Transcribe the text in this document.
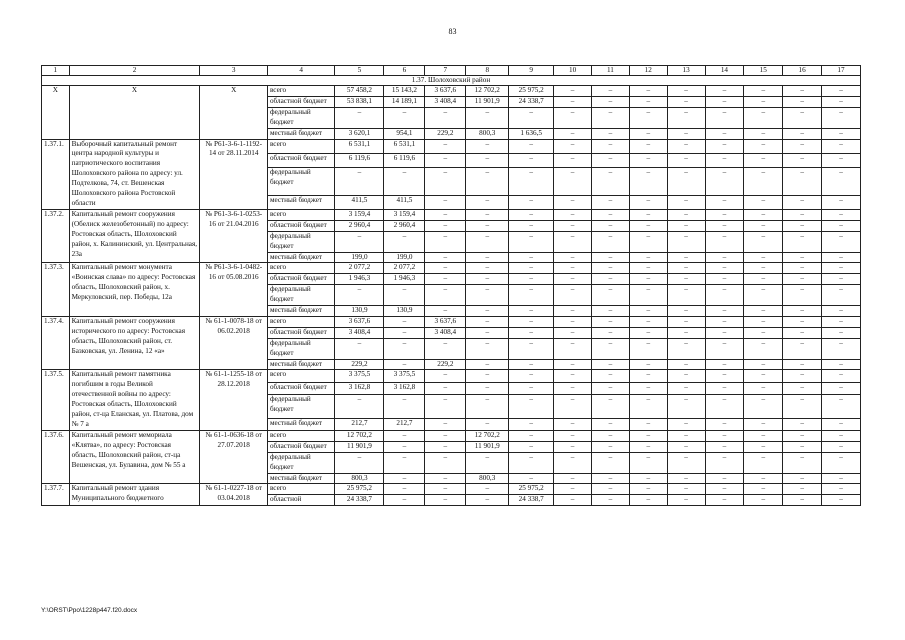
83
1	2	3	4	5	6	7	8	9	10	11	12	13	14	15	16	17
1.37. Шолоховский район																
X	X	X	всего	57 458,2	15 143,2	3 637,6	12 702,2	25 975,2	–	–	–	–	–	–	–	–
			областной бюджет	53 838,1	14 189,1	3 408,4	11 901,9	24 338,7	–	–	–	–	–	–	–	–
			федеральный бюджет	–	–	–	–	–	–	–	–	–	–	–	–	–
			местный бюджет	3 620,1	954,1	229,2	800,3	1 636,5	–	–	–	–	–	–	–	–
1.37.1.	Выборочный капитальный ремонт центра народной культуры и патриотического воспитания Шолоховского района по адресу: ул. Подтелкова, 74, ст. Вешенская Шолоховского района Ростовской области	№ Р61-3-6-1-1192-14 от 28.11.2014	всего	6 531,1	6 531,1	–	–	–	–	–	–	–	–	–	–	–
			областной бюджет	6 119,6	6 119,6	–	–	–	–	–	–	–	–	–	–	–
			федеральный бюджет	–	–	–	–	–	–	–	–	–	–	–	–	–
			местный бюджет	411,5	411,5	–	–	–	–	–	–	–	–	–	–	–
1.37.2.	Капитальный ремонт сооружения (Обелиск железобетонный) по адресу: Ростовская область, Шолоховский район, х. Калининский, ул. Центральная, 23а	№ Р61-3-6-1-0253-16 от 21.04.2016	всего	3 159,4	3 159,4	–	–	–	–	–	–	–	–	–	–	–
			областной бюджет	2 960,4	2 960,4	–	–	–	–	–	–	–	–	–	–	–
			федеральный бюджет	–	–	–	–	–	–	–	–	–	–	–	–	–
			местный бюджет	199,0	199,0	–	–	–	–	–	–	–	–	–	–	–
1.37.3.	Капитальный ремонт монумента «Воинская слава» по адресу: Ростовская область, Шолоховский район, х. Меркуловский, пер. Победы, 12а	№ Р61-3-6-1-0482-16 от 05.08.2016	всего	2 077,2	2 077,2	–	–	–	–	–	–	–	–	–	–	–
			областной бюджет	1 946,3	1 946,3	–	–	–	–	–	–	–	–	–	–	–
			федеральный бюджет	–	–	–	–	–	–	–	–	–	–	–	–	–
			местный бюджет	130,9	130,9	–	–	–	–	–	–	–	–	–	–	–
1.37.4.	Капитальный ремонт сооружения исторического по адресу: Ростовская область, Шолоховский район, ст. Базковская, ул. Ленина, 12 «а»	№ 61-1-0078-18 от 06.02.2018	всего	3 637,6	–	3 637,6	–	–	–	–	–	–	–	–	–	–
			областной бюджет	3 408,4	–	3 408,4	–	–	–	–	–	–	–	–	–	–
			федеральный бюджет	–	–	–	–	–	–	–	–	–	–	–	–	–
			местный бюджет	229,2	–	229,2	–	–	–	–	–	–	–	–	–	–
1.37.5.	Капитальный ремонт памятника погибшим в годы Великой отечественной войны по адресу: Ростовская область, Шолоховский район, ст-ца Еланская, ул. Платова, дом № 7 а	№ 61-1-1255-18 от 28.12.2018	всего	3 375,5	3 375,5	–	–	–	–	–	–	–	–	–	–	–
			областной бюджет	3 162,8	3 162,8	–	–	–	–	–	–	–	–	–	–	–
			федеральный бюджет	–	–	–	–	–	–	–	–	–	–	–	–	–
			местный бюджет	212,7	212,7	–	–	–	–	–	–	–	–	–	–	–
1.37.6.	Капитальный ремонт мемориала «Клятва», по адресу: Ростовская область, Шолоховский район, ст-ца Вешенская, ул. Булавина, дом № 55 а	№ 61-1-0636-18 от 27.07.2018	всего	12 702,2	–	–	12 702,2	–	–	–	–	–	–	–	–	–
			областной бюджет	11 901,9	–	–	11 901,9	–	–	–	–	–	–	–	–	–
			федеральный бюджет	–	–	–	–	–	–	–	–	–	–	–	–	–
			местный бюджет	800,3	–	–	800,3	–	–	–	–	–	–	–	–	–
1.37.7.	Капитальный ремонт здания Муниципального бюджетного	№ 61-1-0227-18 от 03.04.2018	всего	25 975,2	–	–	–	25 975,2	–	–	–	–	–	–	–	–
			областной	24 338,7	–	–	–	24 338,7	–	–	–	–	–	–	–	–
Y:\ORST\Ppo\1228p447.f20.docx
